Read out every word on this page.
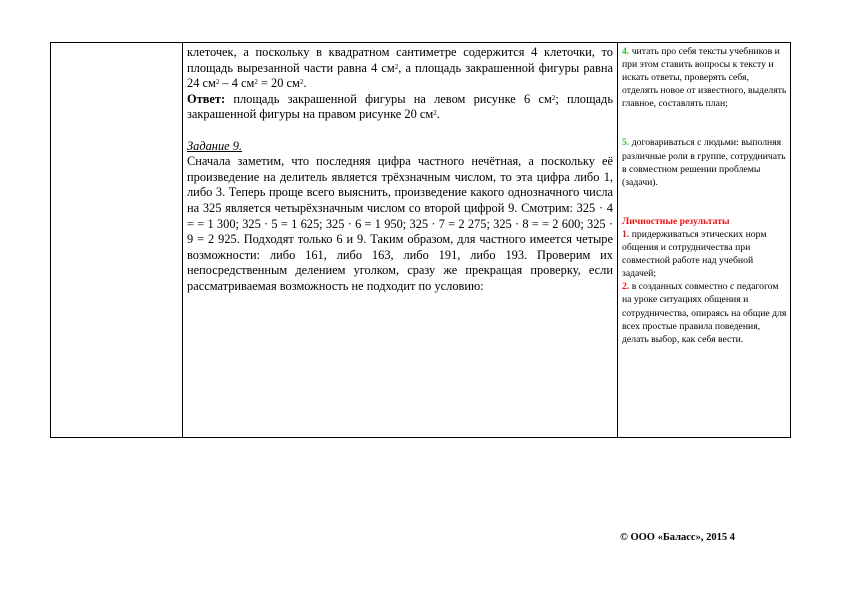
клеточек, а поскольку в квадратном сантиметре содержится 4 клеточки, то площадь вырезанной части равна 4 $см^2$, а площадь закрашенной фигуры равна 24 $см^2 - 4$ $см^2 = 20$ $см^2$.

Ответ: площадь закрашенной фигуры на левом рисунке 6 $см^2$; площадь закрашенной фигуры на правом рисунке 20 $см^2$.

Задание 9.

Сначала заметим, что последняя цифра частного нечётная, а поскольку её произведение на делитель является трёхзначным числом, то эта цифра либо 1, либо 3. Теперь проще всего выяснить, произведение какого однозначного числа на 325 является четырёхзначным числом со второй цифрой 9. Смотрим: 325 · 4 = = 1 300; 325 · 5 = 1 625; 325 · 6 = 1 950; 325 · 7 = 2 275; 325 · 8 = = 2 600; 325 · 9 = 2 925. Подходят только 6 и 9. Таким образом, для частного имеется четыре возможности: либо 161, либо 163, либо 191, либо 193. Проверим их непосредственным делением уголком, сразу же прекращая проверку, если рассматриваемая возможность не подходит по условию:

4. читать про себя тексты учебников и при этом ставить вопросы к тексту и искать ответы, проверять себя, отделять новое от известного, выделять главное, составлять план;

5. договариваться с людьми: выполняя различные роли в группе, сотрудничать в совместном решении проблемы (задачи).

Личностные результаты

1. придерживаться этических норм общения и сотрудничества при совместной работе над учебной задачей;

2. в созданных совместно с педагогом на уроке ситуациях общения и сотрудничества, опираясь на общие для всех простые правила поведения, делать выбор, как себя вести.

© ООО «Баласс», 2015 4
